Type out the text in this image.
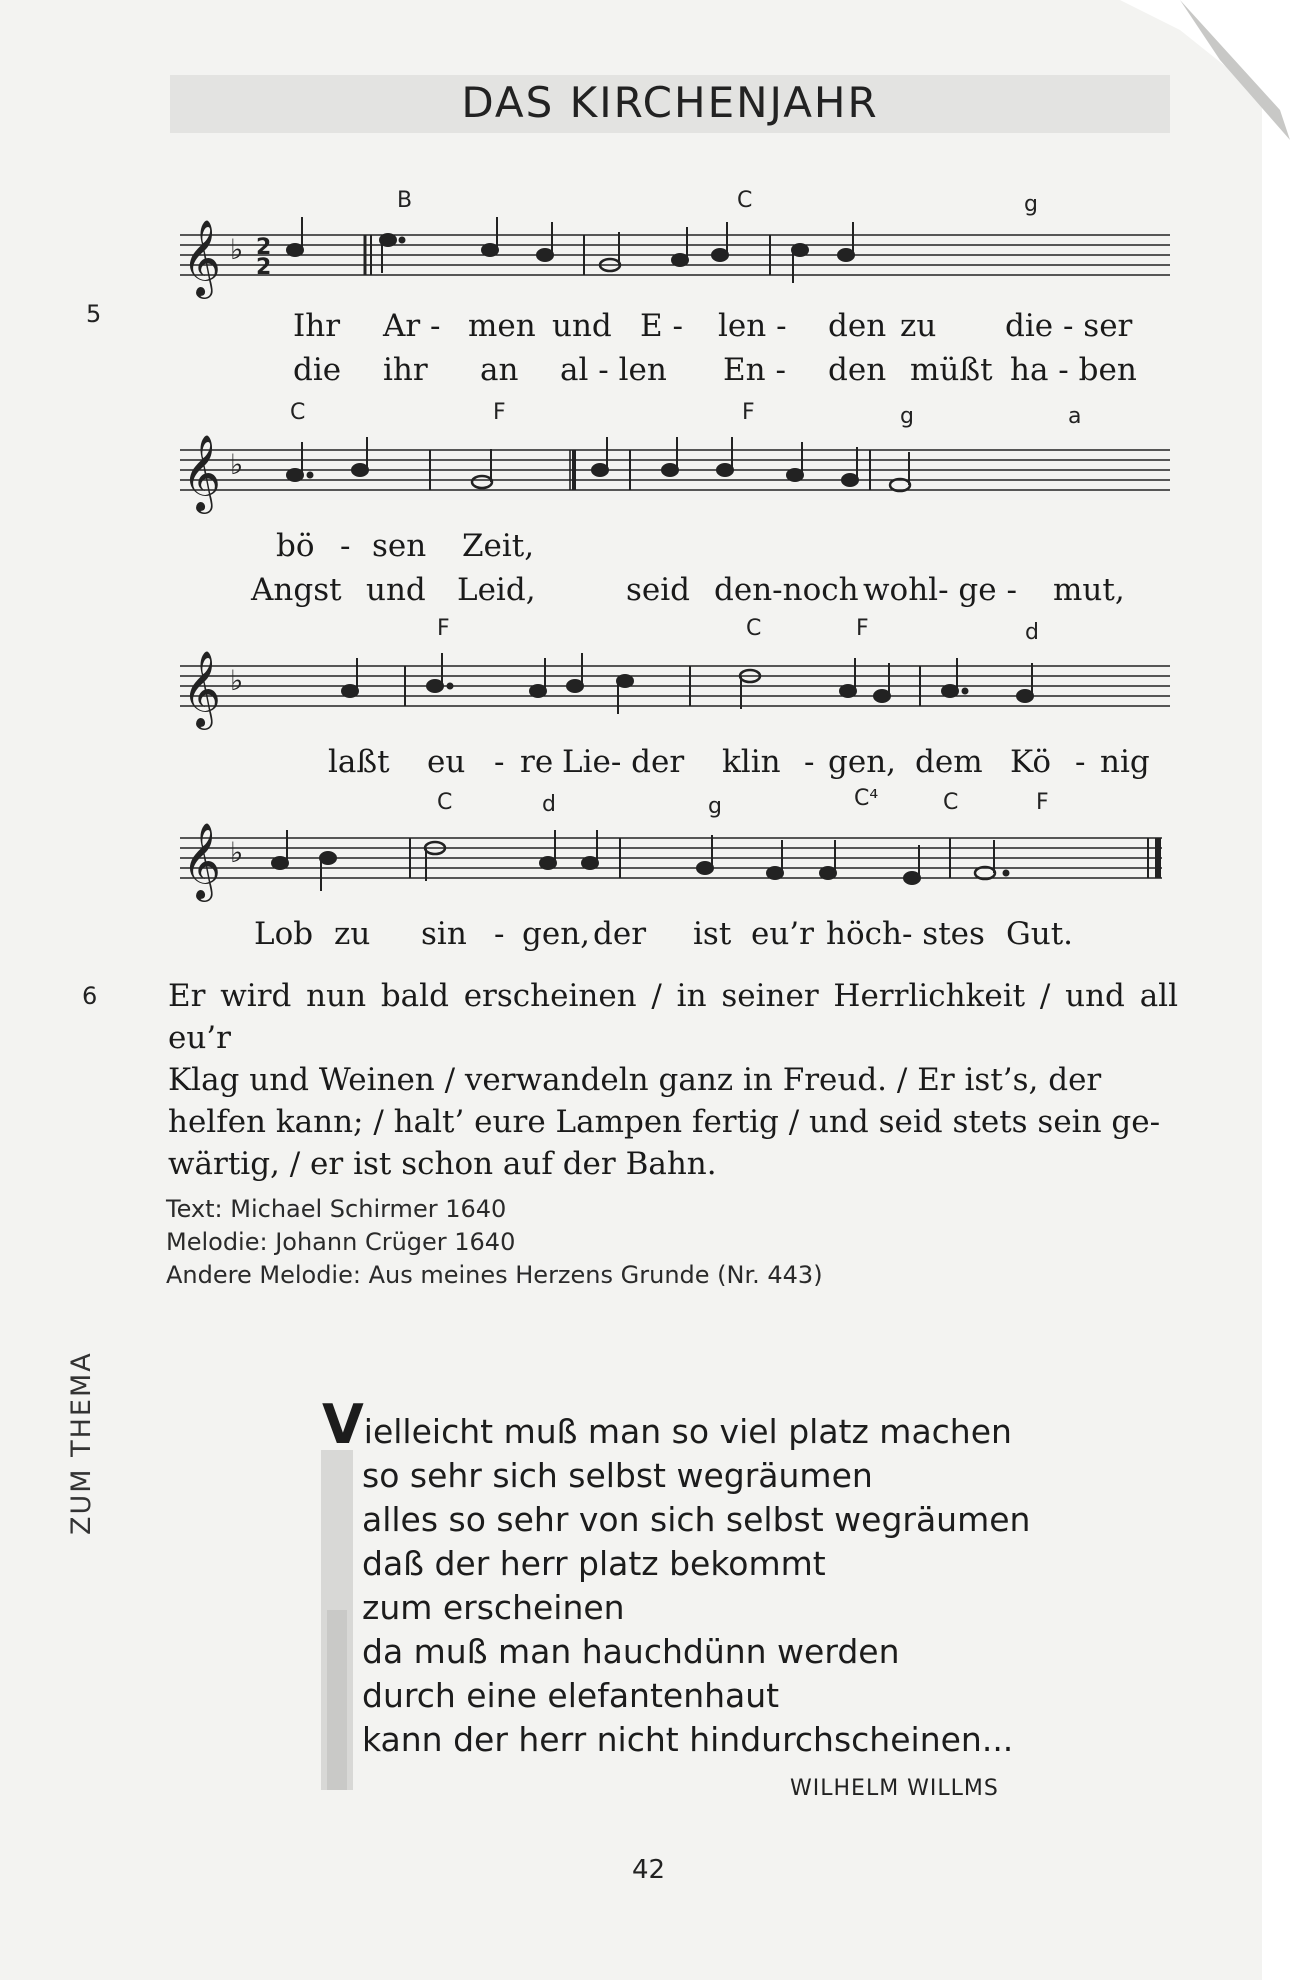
DAS KIRCHENJAHR
5
6
B	C	g
𝄞 ♭ 2
2
Ihr Ar - men und E - len - den zu die - ser
die ihr an al - len En - den müßt ha - ben
C	F	F	g	a
𝄞 ♭
bö - sen Zeit,
Angst und Leid,	seid den-noch wohl- ge - mut,
F	C	F	d
𝄞 ♭
laßt eu - re Lie- der klin - gen, dem Kö - nig
C	d	g	C⁴	C	F
𝄞 ♭
Lob zu sin - gen, der ist eu’r höch- stes Gut.
Er wird nun bald erscheinen / in seiner Herrlichkeit / und all eu’r
Klag und Weinen / verwandeln ganz in Freud. / Er ist’s, der
helfen kann; / halt’ eure Lampen fertig / und seid stets sein ge-
wärtig, / er ist schon auf der Bahn.
Text: Michael Schirmer 1640
Melodie: Johann Crüger 1640
Andere Melodie: Aus meines Herzens Grunde (Nr. 443)
ZUM THEMA	V ielleicht muß man so viel platz machen
so sehr sich selbst wegräumen
alles so sehr von sich selbst wegräumen
daß der herr platz bekommt
zum erscheinen
da muß man hauchdünn werden
durch eine elefantenhaut
kann der herr nicht hindurchscheinen...
WILHELM WILLMS
42
